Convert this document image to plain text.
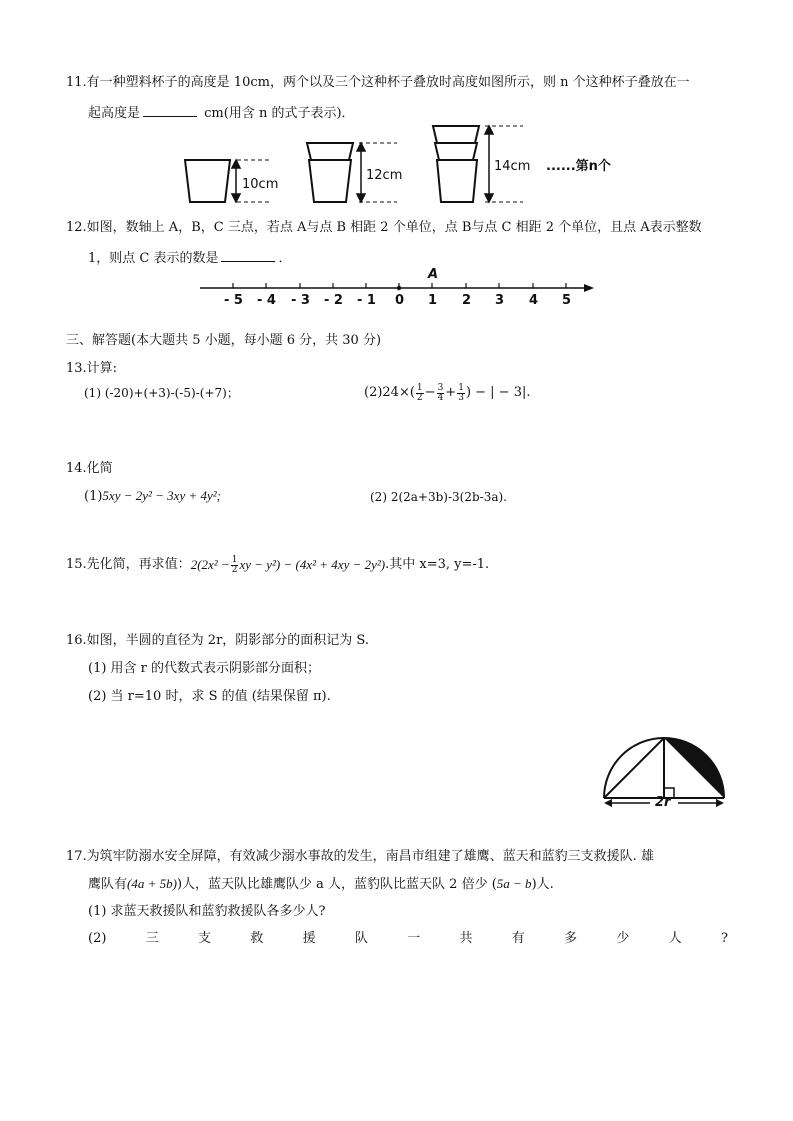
11.有一种塑料杯子的高度是 10cm，两个以及三个这种杯子叠放时高度如图所示，则 n 个这种杯子叠放在一
起高度是	cm(用含 n 的式子表示)．
10cm
12cm
14cm ......第n个
12.如图，数轴上 A，B，C 三点，若点 A与点 B 相距 2 个单位，点 B与点 C 相距 2 个单位，且点 A表示整数
1，则点 C 表示的数是	．
A
- 5 - 4 - 3 - 2 - 1 0 1 2 3 4 5
三、解答题(本大题共 5 小题，每小题 6 分，共 30 分)
13.计算:
(1) (-20)+(+3)-(-5)-(+7)；	$(2)24\times( \frac{1}{2} - \frac{3}{4} + \frac{1}{3}$ ) − | − 3|.
14.化简
(1)5xy − 2y² − 3xy + 4y²;	(2) 2(2a+3b)-3(2b-3a).
15.先化简，再求值： $2(2x^2 - \frac{1}{2}$ xy − y²) − (4x² + 4xy − 2y²) .其中 x=3, y=-1.
16.如图，半圆的直径为 2r，阴影部分的面积记为 S.
(1) 用含 r 的代数式表示阴影部分面积；
(2) 当 r=10 时，求 S 的值 (结果保留 π).
2r
17.为筑牢防溺水安全屏障，有效减少溺水事故的发生，南昌市组建了雄鹰、蓝天和蓝豹三支救援队. 雄
鹰队有(4a + 5b))人，蓝天队比雄鹰队少 a 人，蓝豹队比蓝天队 2 倍少 (5a − b)人.
(1) 求蓝天救援队和蓝豹救援队各多少人?
(2)	三	支	救	援	队	一	共	有	多	少	人	?
